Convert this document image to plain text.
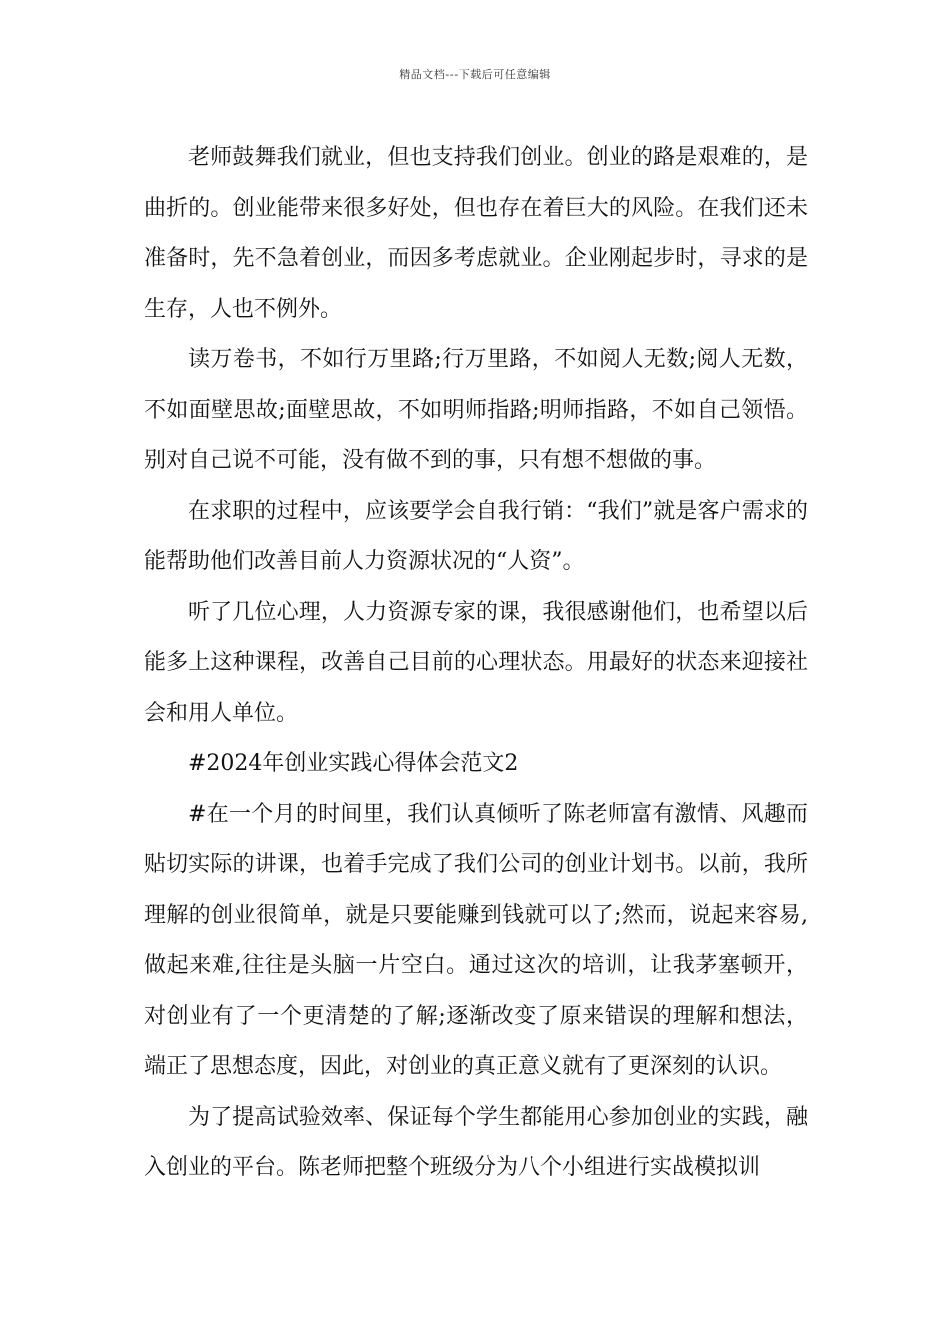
精品文档---下载后可任意编辑

老师鼓舞我们就业，但也支持我们创业。创业的路是艰难的，是曲折的。创业能带来很多好处，但也存在着巨大的风险。在我们还未准备时，先不急着创业，而因多考虑就业。企业刚起步时，寻求的是生存，人也不例外。

读万卷书，不如行万里路;行万里路，不如阅人无数;阅人无数，不如面壁思故;面壁思故，不如明师指路;明师指路，不如自己领悟。别对自己说不可能，没有做不到的事，只有想不想做的事。

在求职的过程中，应该要学会自我行销：“我们”就是客户需求的能帮助他们改善目前人力资源状况的“人资”。

听了几位心理，人力资源专家的课，我很感谢他们，也希望以后能多上这种课程，改善自己目前的心理状态。用最好的状态来迎接社会和用人单位。

#2024年创业实践心得体会范文2

#在一个月的时间里，我们认真倾听了陈老师富有激情、风趣而贴切实际的讲课，也着手完成了我们公司的创业计划书。以前，我所理解的创业很简单，就是只要能赚到钱就可以了;然而，说起来容易,做起来难,往往是头脑一片空白。通过这次的培训，让我茅塞顿开，对创业有了一个更清楚的了解;逐渐改变了原来错误的理解和想法，端正了思想态度，因此，对创业的真正意义就有了更深刻的认识。

为了提高试验效率、保证每个学生都能用心参加创业的实践，融入创业的平台。陈老师把整个班级分为八个小组进行实战模拟训
